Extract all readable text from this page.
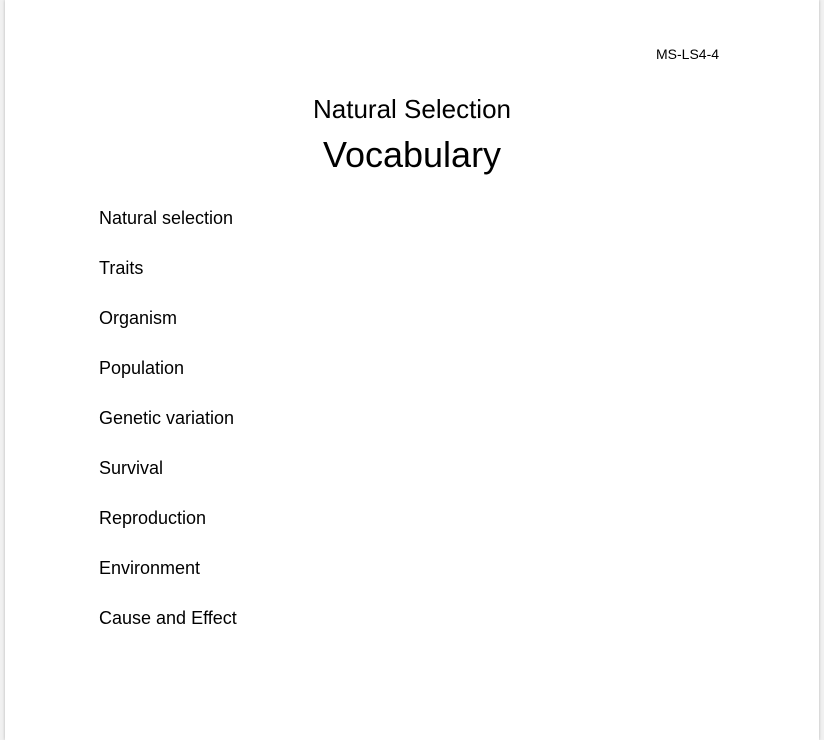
MS-LS4-4
Natural Selection
Vocabulary
Natural selection
Traits
Organism
Population
Genetic variation
Survival
Reproduction
Environment
Cause and Effect
